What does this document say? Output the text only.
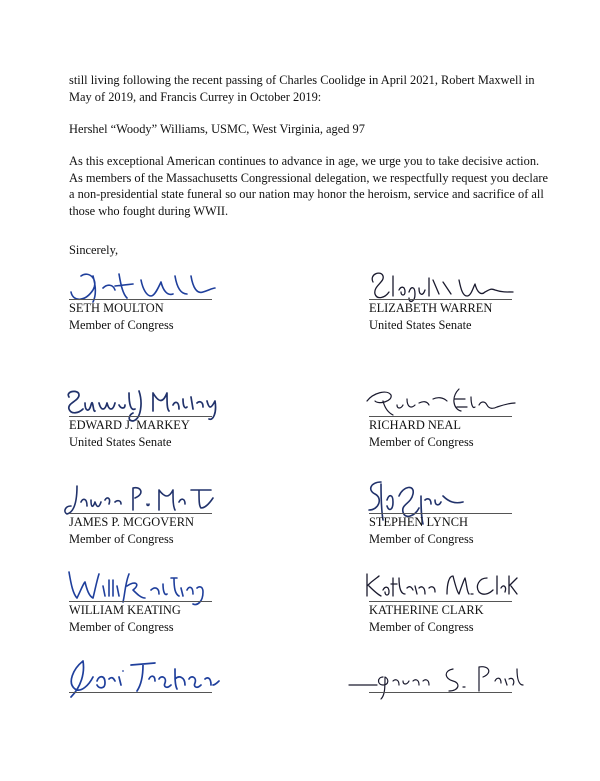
still living following the recent passing of Charles Coolidge in April 2021, Robert Maxwell in May of 2019, and Francis Currey in October 2019:

Hershel “Woody” Williams, USMC, West Virginia, aged 97

As this exceptional American continues to advance in age, we urge you to take decisive action. As members of the Massachusetts Congressional delegation, we respectfully request you declare a non-presidential state funeral so our nation may honor the heroism, service and sacrifice of all those who fought during WWII.

Sincerely,

SETH MOULTON
Member of Congress
ELIZABETH WARREN
United States Senate
EDWARD J. MARKEY
United States Senate
RICHARD NEAL
Member of Congress
JAMES P. MCGOVERN
Member of Congress
STEPHEN LYNCH
Member of Congress
WILLIAM KEATING
Member of Congress
KATHERINE CLARK
Member of Congress
